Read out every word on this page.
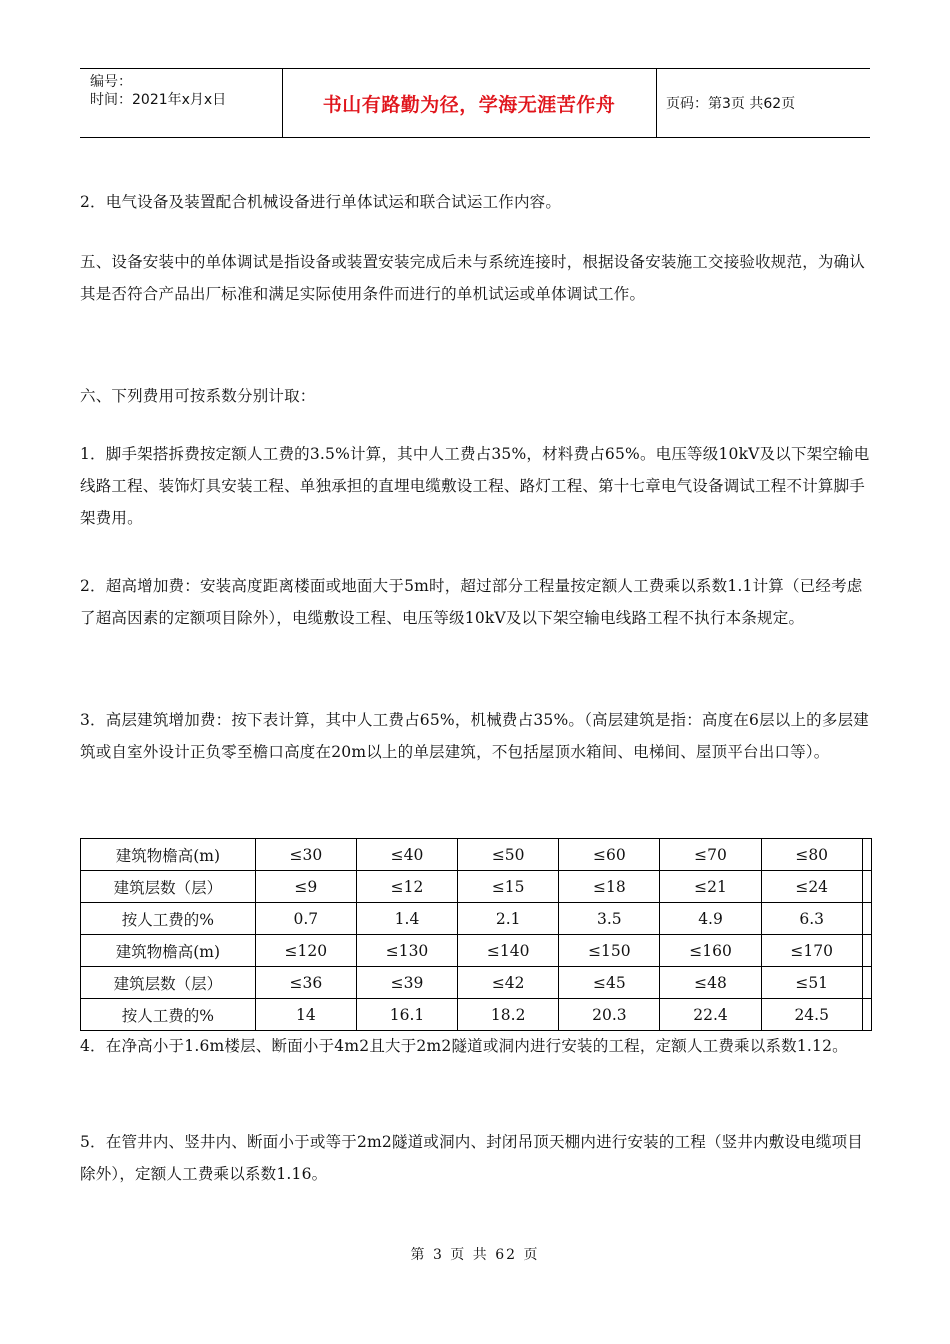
编号：
时间：2021年x月x日	书山有路勤为径，学海无涯苦作舟	页码：第3页 共62页
2．电气设备及装置配合机械设备进行单体试运和联合试运工作内容。
五、设备安装中的单体调试是指设备或装置安装完成后未与系统连接时，根据设备安装施工交接验收规范，为确认其是否符合产品出厂标准和满足实际使用条件而进行的单机试运或单体调试工作。
六、下列费用可按系数分别计取：
1．脚手架搭拆费按定额人工费的3.5%计算，其中人工费占35%，材料费占65%。电压等级10kV及以下架空输电线路工程、装饰灯具安装工程、单独承担的直埋电缆敷设工程、路灯工程、第十七章电气设备调试工程不计算脚手架费用。
2．超高增加费：安装高度距离楼面或地面大于5m时，超过部分工程量按定额人工费乘以系数1.1计算（已经考虑了超高因素的定额项目除外），电缆敷设工程、电压等级10kV及以下架空输电线路工程不执行本条规定。
3．高层建筑增加费：按下表计算，其中人工费占65%，机械费占35%。（高层建筑是指：高度在6层以上的多层建筑或自室外设计正负零至檐口高度在20m以上的单层建筑，不包括屋顶水箱间、电梯间、屋顶平台出口等）。
建筑物檐高(m)	≤30	≤40	≤50	≤60	≤70	≤80	
建筑层数（层）	≤9	≤12	≤15	≤18	≤21	≤24	
按人工费的%	0.7	1.4	2.1	3.5	4.9	6.3	
建筑物檐高(m)	≤120	≤130	≤140	≤150	≤160	≤170	
建筑层数（层）	≤36	≤39	≤42	≤45	≤48	≤51	
按人工费的%	14	16.1	18.2	20.3	22.4	24.5	
4．在净高小于1.6m楼层、断面小于4m2且大于2m2隧道或洞内进行安装的工程，定额人工费乘以系数1.12。
5．在管井内、竖井内、断面小于或等于2m2隧道或洞内、封闭吊顶天棚内进行安装的工程（竖井内敷设电缆项目除外），定额人工费乘以系数1.16。
第 3 页 共 62 页
